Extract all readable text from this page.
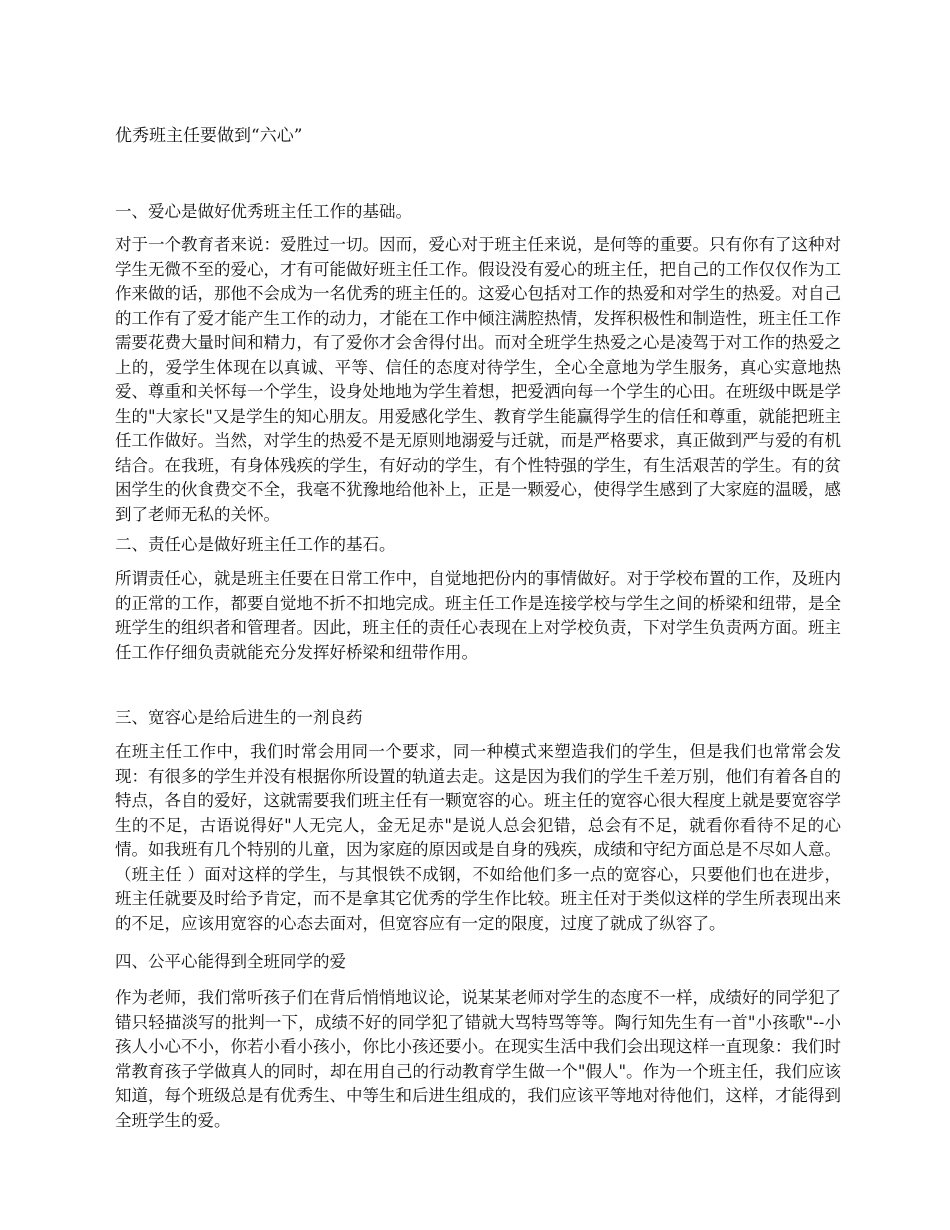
优秀班主任要做到“六心”
一、爱心是做好优秀班主任工作的基础。

对于一个教育者来说：爱胜过一切。因而，爱心对于班主任来说，是何等的重要。只有你有了这种对学生无微不至的爱心，才有可能做好班主任工作。假设没有爱心的班主任，把自己的工作仅仅作为工作来做的话，那他不会成为一名优秀的班主任的。这爱心包括对工作的热爱和对学生的热爱。对自己的工作有了爱才能产生工作的动力，才能在工作中倾注满腔热情，发挥积极性和制造性，班主任工作需要花费大量时间和精力，有了爱你才会舍得付出。而对全班学生热爱之心是凌驾于对工作的热爱之上的，爱学生体现在以真诚、平等、信任的态度对待学生，全心全意地为学生服务，真心实意地热爱、尊重和关怀每一个学生，设身处地地为学生着想，把爱洒向每一个学生的心田。在班级中既是学生的"大家长"又是学生的知心朋友。用爱感化学生、教育学生能赢得学生的信任和尊重，就能把班主任工作做好。当然，对学生的热爱不是无原则地溺爱与迁就，而是严格要求，真正做到严与爱的有机结合。在我班，有身体残疾的学生，有好动的学生，有个性特强的学生，有生活艰苦的学生。有的贫困学生的伙食费交不全，我毫不犹豫地给他补上，正是一颗爱心，使得学生感到了大家庭的温暖，感到了老师无私的关怀。

二、责任心是做好班主任工作的基石。

所谓责任心，就是班主任要在日常工作中，自觉地把份内的事情做好。对于学校布置的工作，及班内的正常的工作，都要自觉地不折不扣地完成。班主任工作是连接学校与学生之间的桥梁和纽带，是全班学生的组织者和管理者。因此，班主任的责任心表现在上对学校负责，下对学生负责两方面。班主任工作仔细负责就能充分发挥好桥梁和纽带作用。

三、宽容心是给后进生的一剂良药

在班主任工作中，我们时常会用同一个要求，同一种模式来塑造我们的学生，但是我们也常常会发现：有很多的学生并没有根据你所设置的轨道去走。这是因为我们的学生千差万别，他们有着各自的特点，各自的爱好，这就需要我们班主任有一颗宽容的心。班主任的宽容心很大程度上就是要宽容学生的不足，古语说得好"人无完人，金无足赤"是说人总会犯错，总会有不足，就看你看待不足的心情。如我班有几个特别的儿童，因为家庭的原因或是自身的残疾，成绩和守纪方面总是不尽如人意。（班主任 ）面对这样的学生，与其恨铁不成钢，不如给他们多一点的宽容心，只要他们也在进步，班主任就要及时给予肯定，而不是拿其它优秀的学生作比较。班主任对于类似这样的学生所表现出来的不足，应该用宽容的心态去面对，但宽容应有一定的限度，过度了就成了纵容了。

四、公平心能得到全班同学的爱

作为老师，我们常听孩子们在背后悄悄地议论，说某某老师对学生的态度不一样，成绩好的同学犯了错只轻描淡写的批判一下，成绩不好的同学犯了错就大骂特骂等等。陶行知先生有一首"小孩歌"--小孩人小心不小，你若小看小孩小，你比小孩还要小。在现实生活中我们会出现这样一直现象：我们时常教育孩子学做真人的同时，却在用自己的行动教育学生做一个"假人"。作为一个班主任，我们应该知道，每个班级总是有优秀生、中等生和后进生组成的，我们应该平等地对待他们，这样，才能得到全班学生的爱。
